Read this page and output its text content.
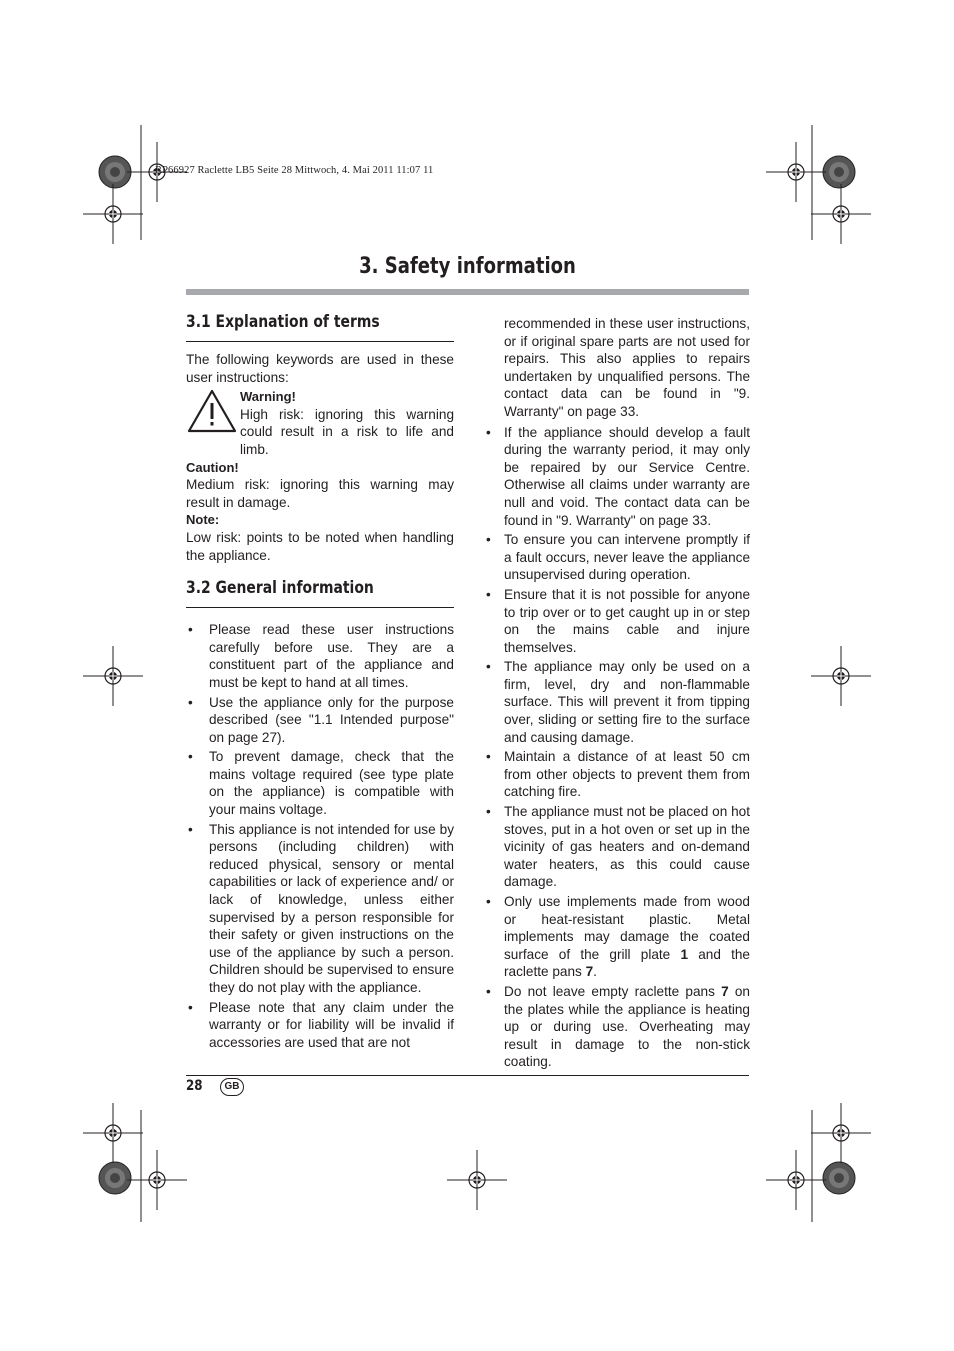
RP66927 Raclette LB5 Seite 28 Mittwoch, 4. Mai 2011 11:07 11
3. Safety information
3.1 Explanation of terms

The following keywords are used in these user instructions:

Warning!

High risk: ignoring this warning could result in a risk to life and limb.

Caution!

Medium risk: ignoring this warning may result in damage.

Note:

Low risk: points to be noted when handling the appliance.

3.2 General information
• Please read these user instructions carefully before use. They are a constituent part of the appliance and must be kept to hand at all times.
• Use the appliance only for the purpose described (see "1.1 Intended purpose" on page 27).
• To prevent damage, check that the mains voltage required (see type plate on the appliance) is compatible with your mains voltage.
• This appliance is not intended for use by persons (including children) with reduced physical, sensory or mental capabilities or lack of experience and/ or lack of knowledge, unless either supervised by a person responsible for their safety or given instructions on the use of the appliance by such a person. Children should be supervised to ensure they do not play with the appliance.
• Please note that any claim under the warranty or for liability will be invalid if accessories are used that are not

recommended in these user instructions, or if original spare parts are not used for repairs. This also applies to repairs undertaken by unqualified persons. The contact data can be found in "9. Warranty" on page 33.

• If the appliance should develop a fault during the warranty period, it may only be repaired by our Service Centre. Otherwise all claims under warranty are null and void. The contact data can be found in "9. Warranty" on page 33.
• To ensure you can intervene promptly if a fault occurs, never leave the appliance unsupervised during operation.
• Ensure that it is not possible for anyone to trip over or to get caught up in or step on the mains cable and injure themselves.
• The appliance may only be used on a firm, level, dry and non-flammable surface. This will prevent it from tipping over, sliding or setting fire to the surface and causing damage.
• Maintain a distance of at least 50 cm from other objects to prevent them from catching fire.
• The appliance must not be placed on hot stoves, put in a hot oven or set up in the vicinity of gas heaters and on-demand water heaters, as this could cause damage.
• Only use implements made from wood or heat-resistant plastic. Metal implements may damage the coated surface of the grill plate 1 and the raclette pans 7.
• Do not leave empty raclette pans 7 on the plates while the appliance is heating up or during use. Overheating may result in damage to the non-stick coating.
28	GB
